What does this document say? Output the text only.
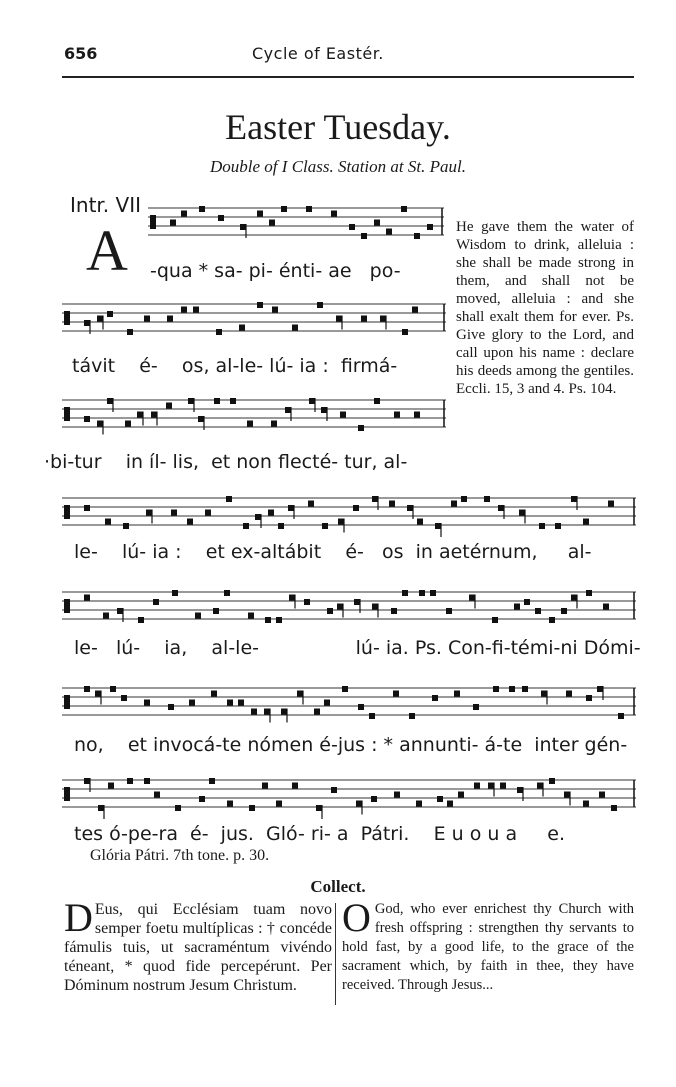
656	Cycle of Eastér.
Easter Tuesday.
Double of I Class. Station at St. Paul.
Intr. VII
A -qua * sa- pi- énti- ae   po-
távit    é-    os, al-le- lú- ia :  firmá-
·bi-tur    in íl- lis,  et non flecté- tur, al-
le-    lú- ia :    et ex-altábit    é-   os  in aetérnum,     al-
le-   lú-    ia,    al-le-                lú- ia. Ps. Con-fi-témi-ni Dómi-
no,    et invocá-te nómen é-jus : * annunti- á-te  inter gén-
tes ó-pe-ra  é-  jus.  Gló- ri- a  Pátri.    E u o u a     e.
He gave them the water of Wisdom to drink, alleluia : she shall be made strong in them, and shall not be moved, alleluia : and she shall exalt them for ever. Ps. Give glory to the Lord, and call upon his name : declare his deeds among the gentiles. Eccli. 15, 3 and 4. Ps. 104.
Glória Pátri. 7th tone. p. 30.
Collect.
D Eus, qui Ecclésiam tuam novo semper foetu multíplicas : † concéde fámulis tuis, ut sacraméntum vivéndo téneant, * quod fide percepérunt. Per Dóminum nostrum Jesum Christum.
O God, who ever enrichest thy Church with fresh offspring : strengthen thy servants to hold fast, by a good life, to the grace of the sacrament which, by faith in thee, they have received. Through Jesus...
